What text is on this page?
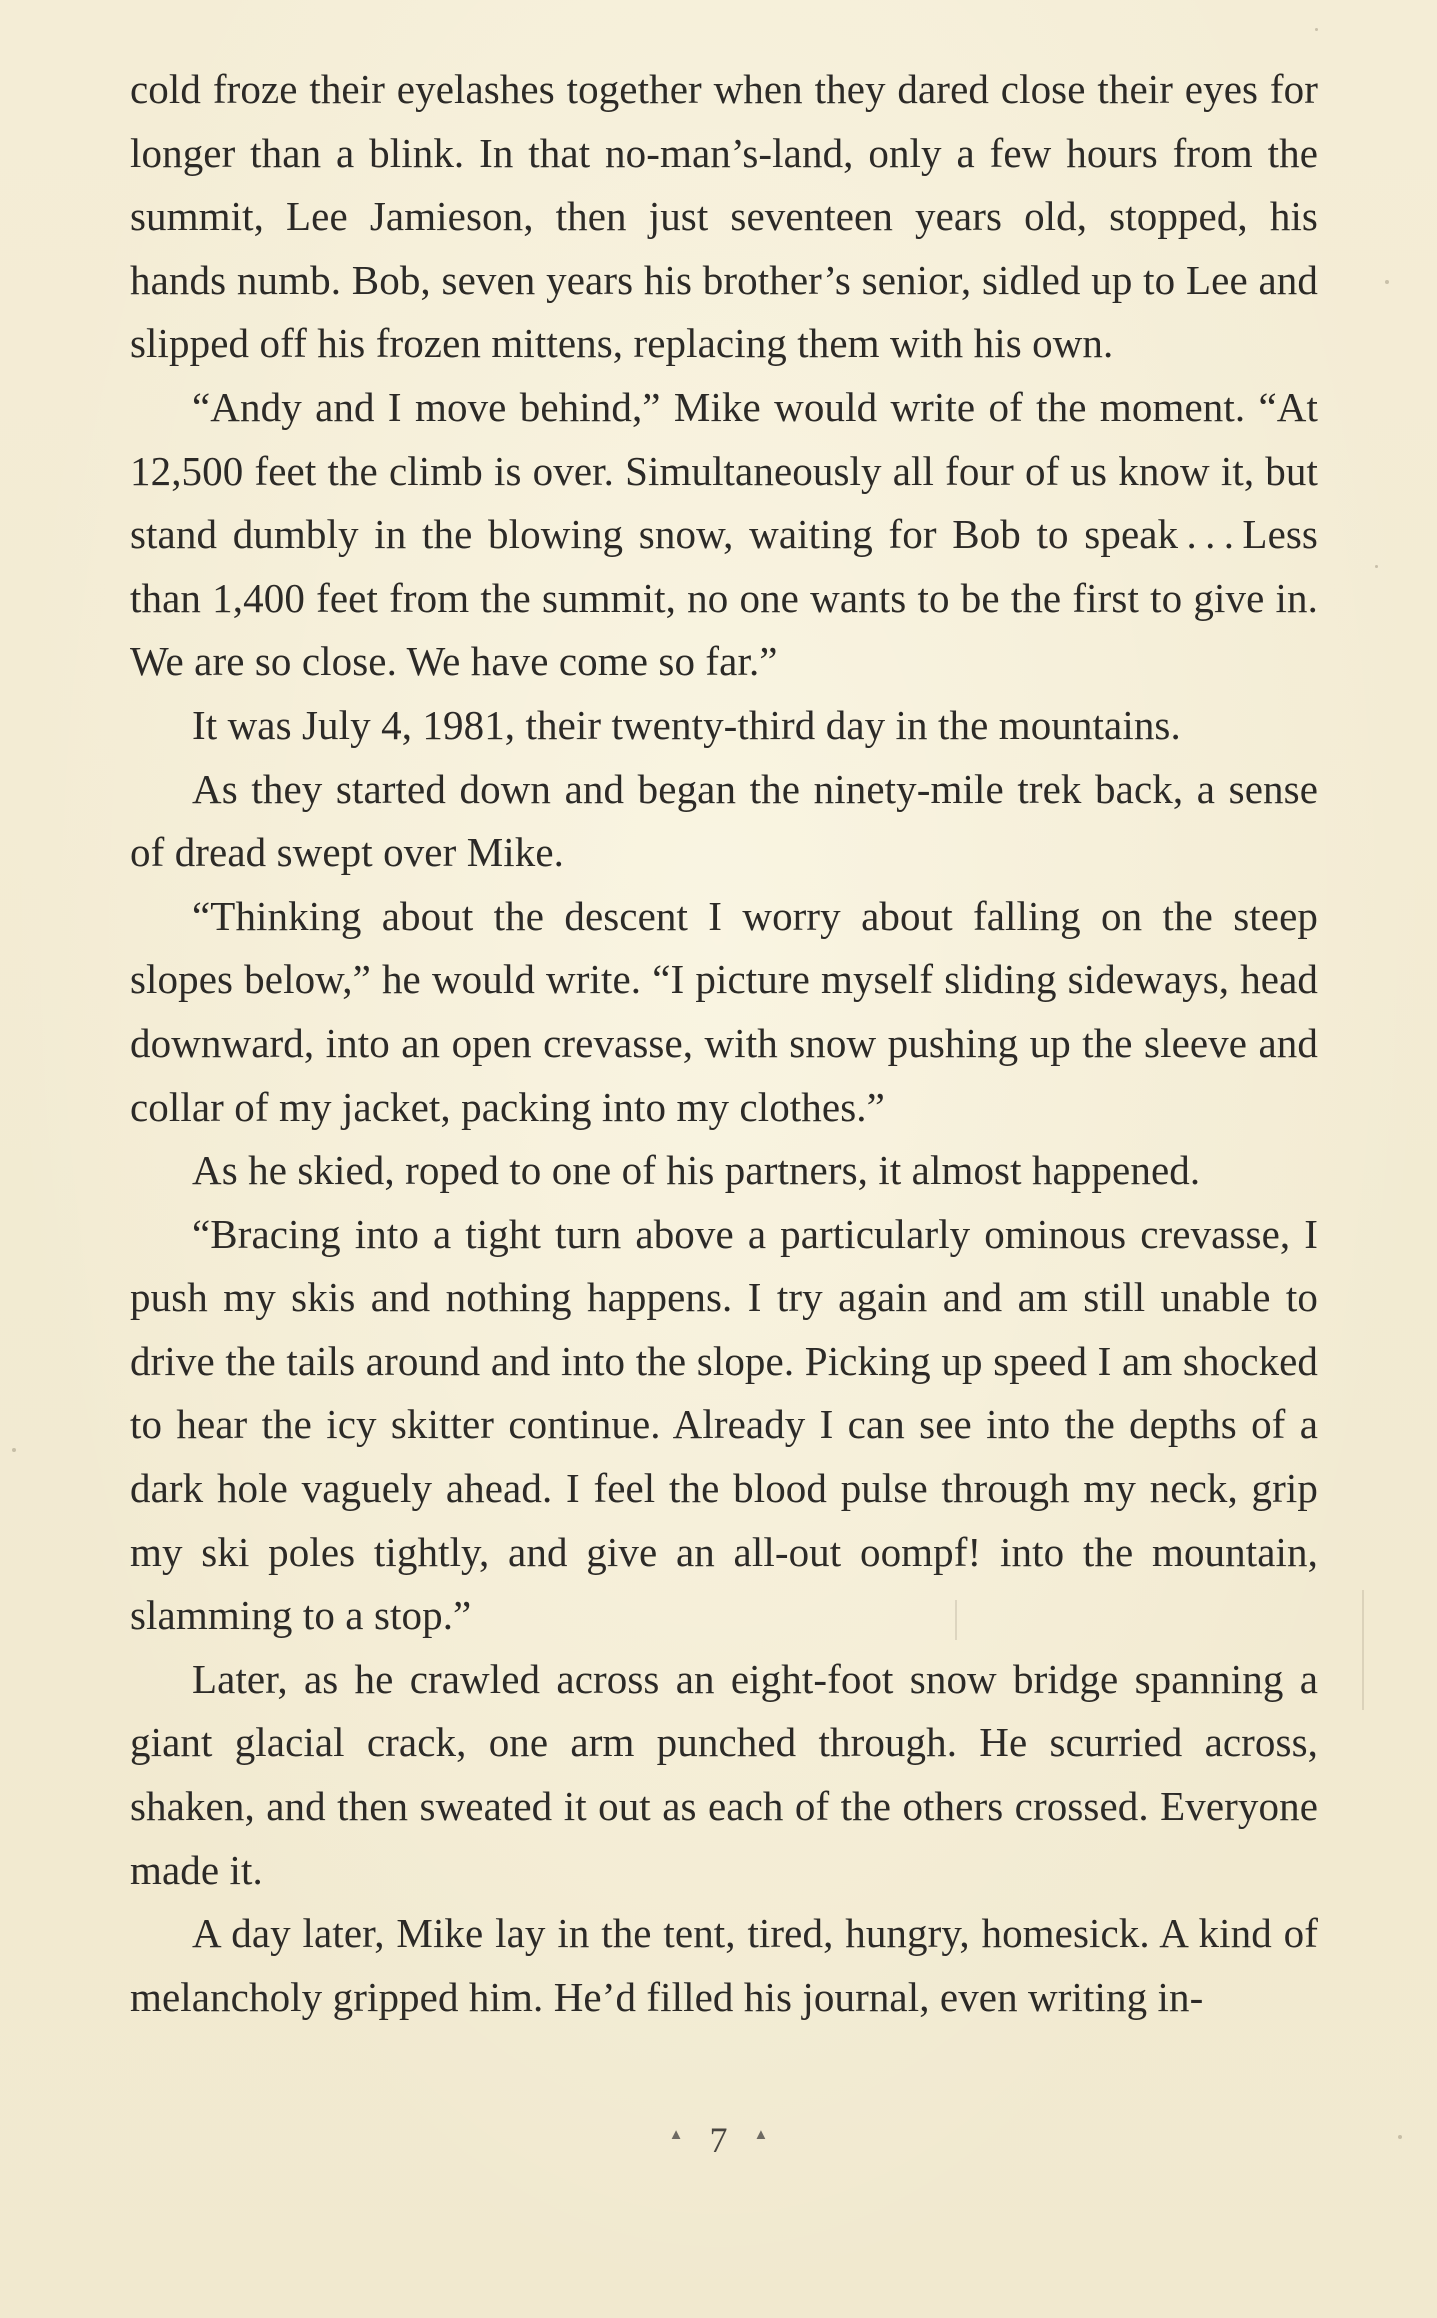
cold froze their eyelashes together when they dared close their eyes for longer than a blink. In that no-man’s-land, only a few hours from the summit, Lee Jamieson, then just seventeen years old, stopped, his hands numb. Bob, seven years his brother’s senior, sidled up to Lee and slipped off his frozen mittens, replacing them with his own.

“Andy and I move behind,” Mike would write of the moment. “At 12,500 feet the climb is over. Simultaneously all four of us know it, but stand dumbly in the blowing snow, waiting for Bob to speak . . . Less than 1,400 feet from the summit, no one wants to be the first to give in. We are so close. We have come so far.”

It was July 4, 1981, their twenty-third day in the mountains.

As they started down and began the ninety-mile trek back, a sense of dread swept over Mike.

“Thinking about the descent I worry about falling on the steep slopes below,” he would write. “I picture myself sliding sideways, head downward, into an open crevasse, with snow pushing up the sleeve and collar of my jacket, packing into my clothes.”

As he skied, roped to one of his partners, it almost happened.

“Bracing into a tight turn above a particularly ominous crevasse, I push my skis and nothing happens. I try again and am still unable to drive the tails around and into the slope. Picking up speed I am shocked to hear the icy skitter continue. Already I can see into the depths of a dark hole vaguely ahead. I feel the blood pulse through my neck, grip my ski poles tightly, and give an all-out oompf! into the mountain, slamming to a stop.”

Later, as he crawled across an eight-foot snow bridge spanning a giant glacial crack, one arm punched through. He scurried across, shaken, and then sweated it out as each of the others crossed. Everyone made it.

A day later, Mike lay in the tent, tired, hungry, homesick. A kind of melancholy gripped him. He’d filled his journal, even writing in-

▲ 7 ▲
